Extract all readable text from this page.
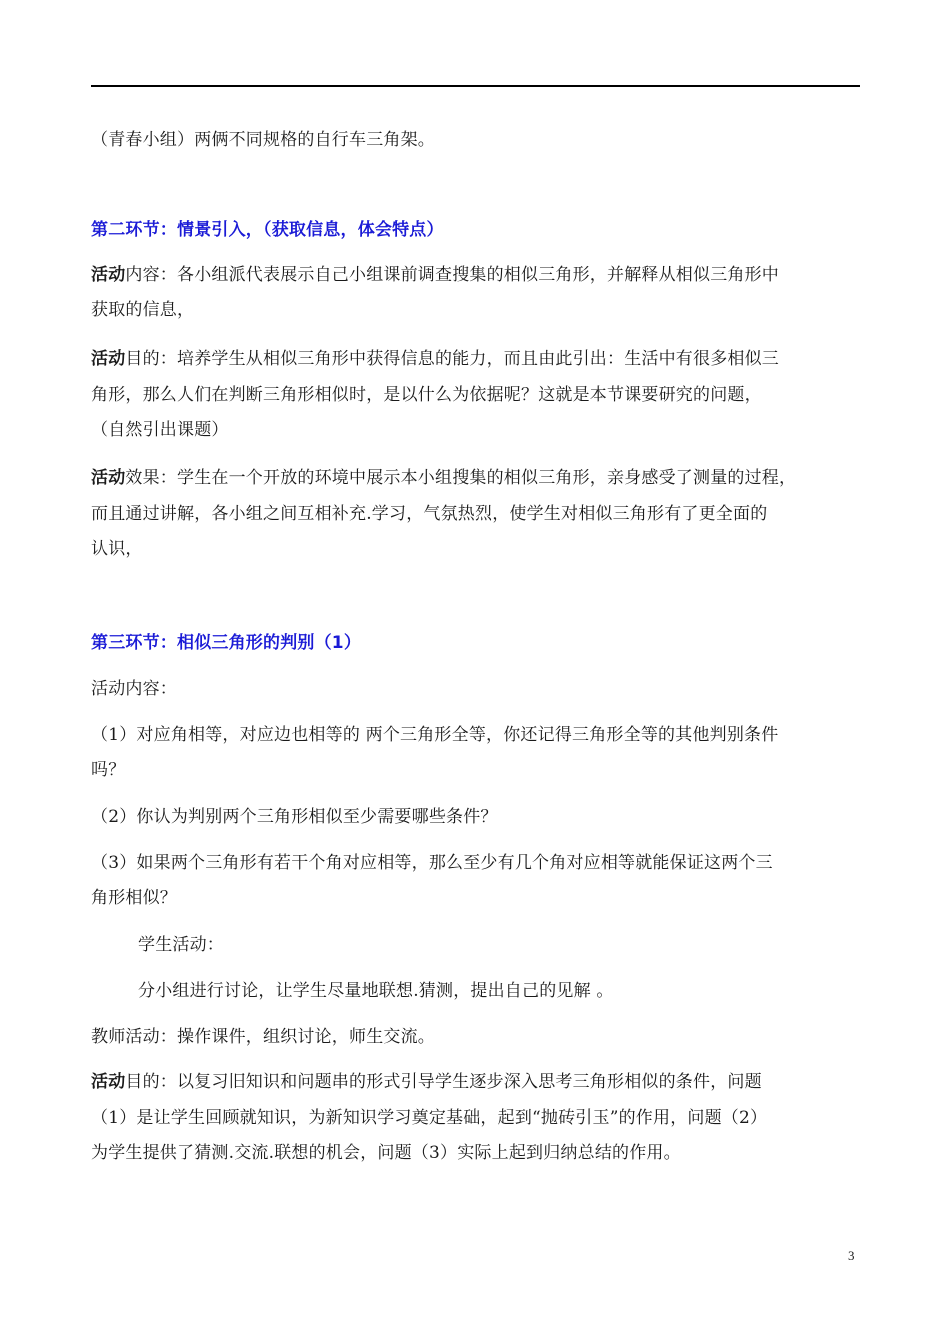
（青春小组）两俩不同规格的自行车三角架。
第二环节：情景引入，（获取信息，体会特点）
活动内容：各小组派代表展示自己小组课前调查搜集的相似三角形，并解释从相似三角形中
获取的信息，
活动目的：培养学生从相似三角形中获得信息的能力，而且由此引出：生活中有很多相似三
角形，那么人们在判断三角形相似时，是以什么为依据呢？这就是本节课要研究的问题，
（自然引出课题）
活动效果：学生在一个开放的环境中展示本小组搜集的相似三角形，亲身感受了测量的过程，
而且通过讲解，各小组之间互相补充.学习，气氛热烈，使学生对相似三角形有了更全面的
认识，
第三环节：相似三角形的判别（1）
活动内容：
（1）对应角相等，对应边也相等的 两个三角形全等，你还记得三角形全等的其他判别条件
吗？
（2）你认为判别两个三角形相似至少需要哪些条件？
（3）如果两个三角形有若干个角对应相等，那么至少有几个角对应相等就能保证这两个三
角形相似？
学生活动：
分小组进行讨论，让学生尽量地联想.猜测，提出自己的见解 。
教师活动：操作课件，组织讨论，师生交流。
活动目的：以复习旧知识和问题串的形式引导学生逐步深入思考三角形相似的条件，问题
（1）是让学生回顾就知识，为新知识学习奠定基础，起到“抛砖引玉”的作用，问题（2）
为学生提供了猜测.交流.联想的机会，问题（3）实际上起到归纳总结的作用。
3
